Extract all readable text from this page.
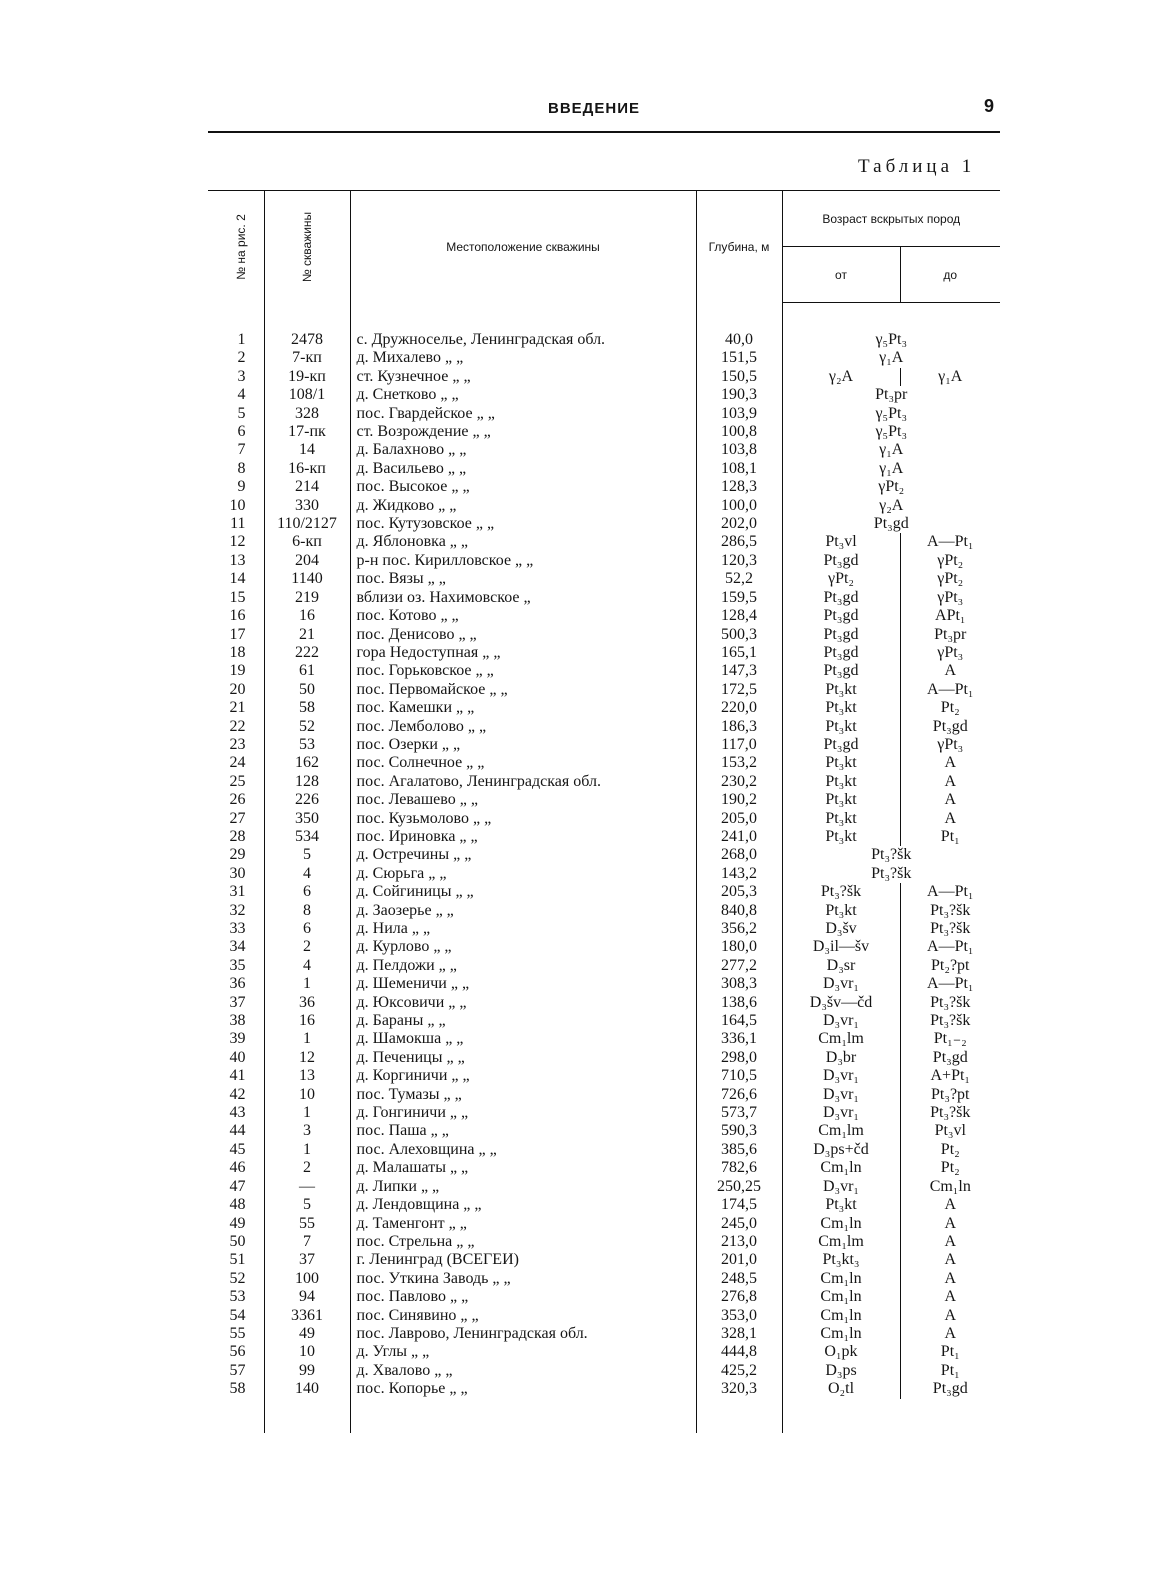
ВВЕДЕНИЕ	9
Таблица 1
№ на рис. 2	№ скважины	Местоположение скважины	Глубина, м	Возраст вскрытых пород	
				от	до

1	2478	с. Дружноселье, Ленинградская обл.	40,0	γ₅Pt₃	
2	7-кп	д. Михалево „ „	151,5	γ₁A	
3	19-кп	ст. Кузнечное „ „	150,5	γ₂A	γ₁A
4	108/1	д. Снетково „ „	190,3	Pt₃pr	
5	328	пос. Гвардейское „ „	103,9	γ₅Pt₃	
6	17-пк	ст. Возрождение „ „	100,8	γ₅Pt₃	
7	14	д. Балахново „ „	103,8	γ₁A	
8	16-кп	д. Васильево „ „	108,1	γ₁A	
9	214	пос. Высокое „ „	128,3	γPt₂	
10	330	д. Жидково „ „	100,0	γ₂A	
11	110/2127	пос. Кутузовское „ „	202,0	Pt₃gd	
12	6-кп	д. Яблоновка „ „	286,5	Pt₃vl	A—Pt₁
13	204	р-н пос. Кирилловское „ „	120,3	Pt₃gd	γPt₂
14	1140	пос. Вязы „ „	52,2	γPt₂	γPt₂
15	219	вблизи оз. Нахимовское „	159,5	Pt₃gd	γPt₃
16	16	пос. Котово „ „	128,4	Pt₃gd	APt₁
17	21	пос. Денисово „ „	500,3	Pt₃gd	Pt₃pr
18	222	гора Недоступная „ „	165,1	Pt₃gd	γPt₃
19	61	пос. Горьковское „ „	147,3	Pt₃gd	A
20	50	пос. Первомайское „ „	172,5	Pt₃kt	A—Pt₁
21	58	пос. Камешки „ „	220,0	Pt₃kt	Pt₂
22	52	пос. Лемболово „ „	186,3	Pt₃kt	Pt₃gd
23	53	пос. Озерки „ „	117,0	Pt₃gd	γPt₃
24	162	пос. Солнечное „ „	153,2	Pt₃kt	A
25	128	пос. Агалатово, Ленинградская обл.	230,2	Pt₃kt	A
26	226	пос. Левашево „ „	190,2	Pt₃kt	A
27	350	пос. Кузьмолово „ „	205,0	Pt₃kt	A
28	534	пос. Ириновка „ „	241,0	Pt₃kt	Pt₁
29	5	д. Остречины „ „	268,0	Pt₃?šk	
30	4	д. Сюрьга „ „	143,2	Pt₃?šk	
31	6	д. Сойгиницы „ „	205,3	Pt₃?šk	A—Pt₁
32	8	д. Заозерье „ „	840,8	Pt₃kt	Pt₃?šk
33	6	д. Нила „ „	356,2	D₃šv	Pt₃?šk
34	2	д. Курлово „ „	180,0	D₃il—šv	A—Pt₁
35	4	д. Пелдожи „ „	277,2	D₃sr	Pt₂?pt
36	1	д. Шеменичи „ „	308,3	D₃vr₁	A—Pt₁
37	36	д. Юксовичи „ „	138,6	D₃šv—čd	Pt₃?šk
38	16	д. Бараны „ „	164,5	D₃vr₁	Pt₃?šk
39	1	д. Шамокша „ „	336,1	Cm₁lm	Pt₁₋₂
40	12	д. Печеницы „ „	298,0	D₃br	Pt₃gd
41	13	д. Коргиничи „ „	710,5	D₃vr₁	A+Pt₁
42	10	пос. Тумазы „ „	726,6	D₃vr₁	Pt₃?pt
43	1	д. Гонгиничи „ „	573,7	D₃vr₁	Pt₃?šk
44	3	пос. Паша „ „	590,3	Cm₁lm	Pt₃vl
45	1	пос. Алеховщина „ „	385,6	D₃ps+čd	Pt₂
46	2	д. Малашаты „ „	782,6	Cm₁ln	Pt₂
47	—	д. Липки „ „	250,25	D₃vr₁	Cm₁ln
48	5	д. Лендовщина „ „	174,5	Pt₃kt	A
49	55	д. Таменгонт „ „	245,0	Cm₁ln	A
50	7	пос. Стрельна „ „	213,0	Cm₁lm	A
51	37	г. Ленинград (ВСЕГЕИ)	201,0	Pt₃kt₃	A
52	100	пос. Уткина Заводь „ „	248,5	Cm₁ln	A
53	94	пос. Павлово „ „	276,8	Cm₁ln	A
54	3361	пос. Синявино „ „	353,0	Cm₁ln	A
55	49	пос. Лаврово, Ленинградская обл.	328,1	Cm₁ln	A
56	10	д. Углы „ „	444,8	O₁pk	Pt₁
57	99	д. Хвалово „ „	425,2	D₃ps	Pt₁
58	140	пос. Копорье „ „	320,3	O₂tl	Pt₃gd
